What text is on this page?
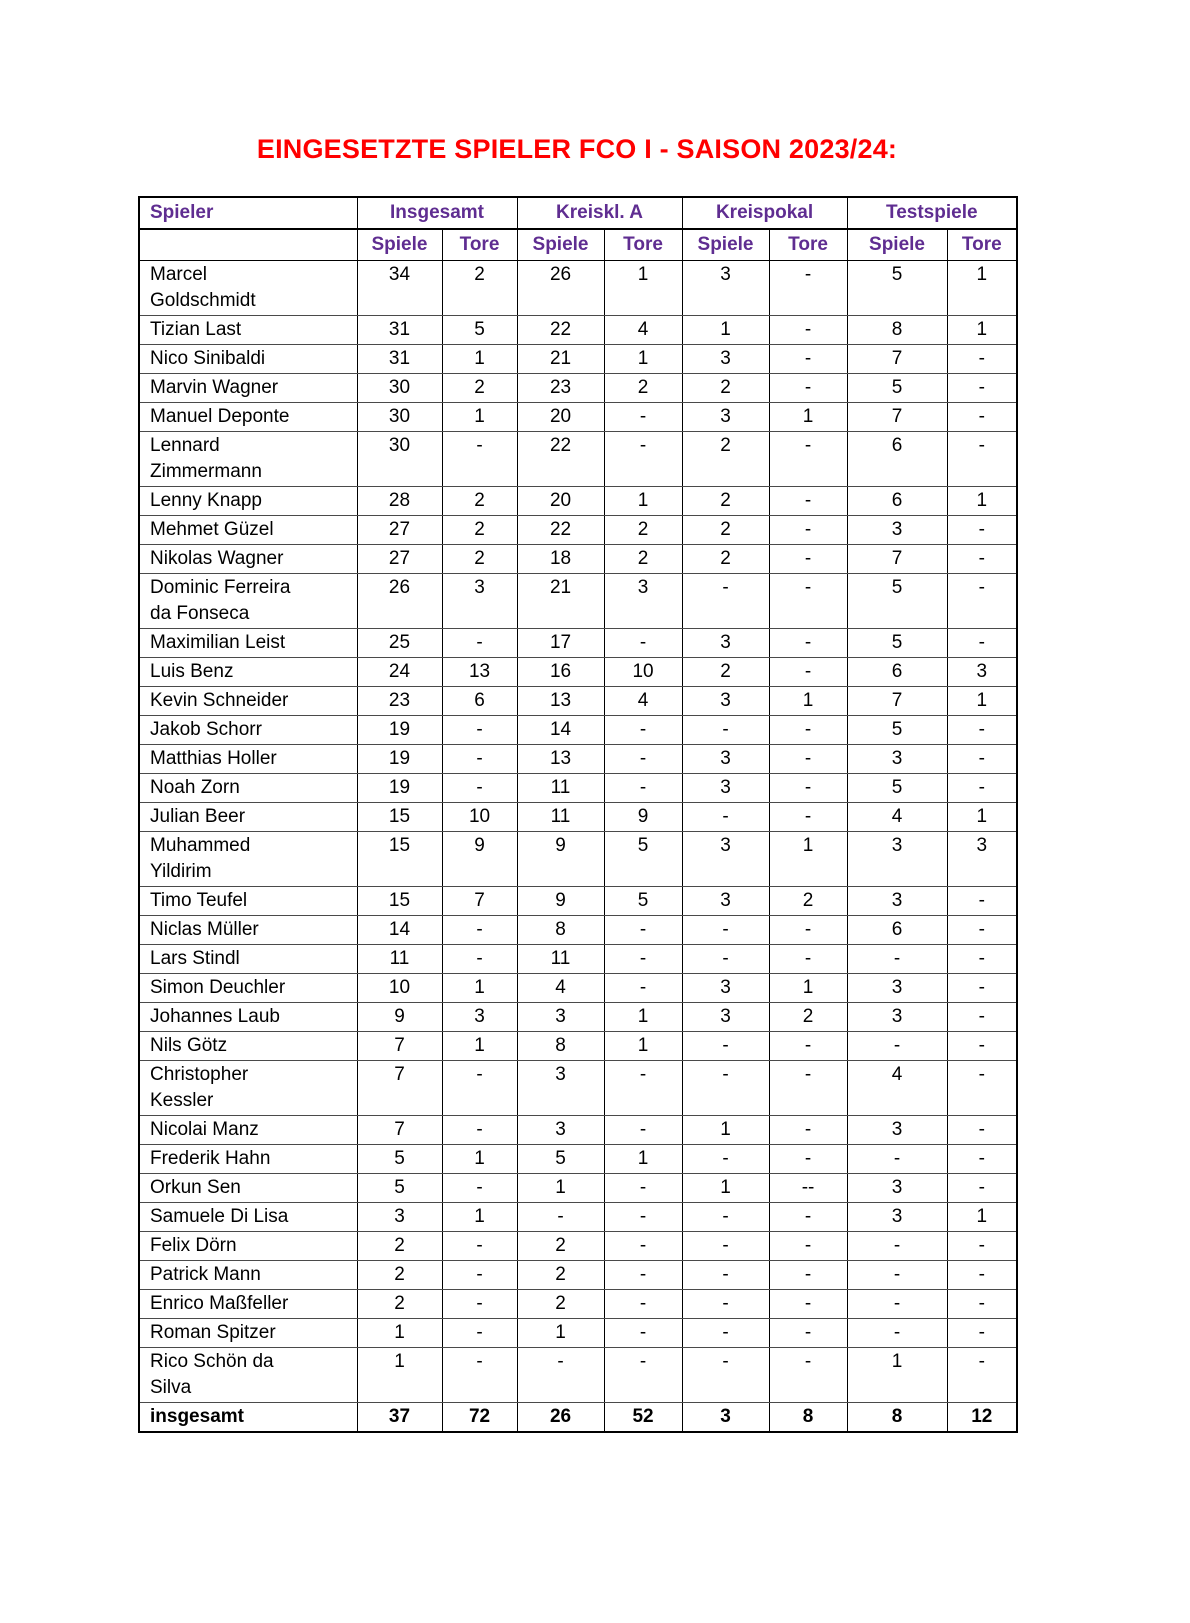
EINGESETZTE SPIELER FCO I - SAISON 2023/24:
Spieler	Insgesamt		Kreiskl. A		Kreispokal		Testspiele	
	Spiele	Tore	Spiele	Tore	Spiele	Tore	Spiele	Tore
Marcel Goldschmidt	34	2	26	1	3	-	5	1
Tizian Last	31	5	22	4	1	-	8	1
Nico Sinibaldi	31	1	21	1	3	-	7	-
Marvin Wagner	30	2	23	2	2	-	5	-
Manuel Deponte	30	1	20	-	3	1	7	-
Lennard Zimmermann	30	-	22	-	2	-	6	-
Lenny Knapp	28	2	20	1	2	-	6	1
Mehmet Güzel	27	2	22	2	2	-	3	-
Nikolas Wagner	27	2	18	2	2	-	7	-
Dominic Ferreira da Fonseca	26	3	21	3	-	-	5	-
Maximilian Leist	25	-	17	-	3	-	5	-
Luis Benz	24	13	16	10	2	-	6	3
Kevin Schneider	23	6	13	4	3	1	7	1
Jakob Schorr	19	-	14	-	-	-	5	-
Matthias Holler	19	-	13	-	3	-	3	-
Noah Zorn	19	-	11	-	3	-	5	-
Julian Beer	15	10	11	9	-	-	4	1
Muhammed Yildirim	15	9	9	5	3	1	3	3
Timo Teufel	15	7	9	5	3	2	3	-
Niclas Müller	14	-	8	-	-	-	6	-
Lars Stindl	11	-	11	-	-	-	-	-
Simon Deuchler	10	1	4	-	3	1	3	-
Johannes Laub	9	3	3	1	3	2	3	-
Nils Götz	7	1	8	1	-	-	-	-
Christopher Kessler	7	-	3	-	-	-	4	-
Nicolai Manz	7	-	3	-	1	-	3	-
Frederik Hahn	5	1	5	1	-	-	-	-
Orkun Sen	5	-	1	-	1	--	3	-
Samuele Di Lisa	3	1	-	-	-	-	3	1
Felix Dörn	2	-	2	-	-	-	-	-
Patrick Mann	2	-	2	-	-	-	-	-
Enrico Maßfeller	2	-	2	-	-	-	-	-
Roman Spitzer	1	-	1	-	-	-	-	-
Rico Schön da Silva	1	-	-	-	-	-	1	-
insgesamt	37	72	26	52	3	8	8	12
